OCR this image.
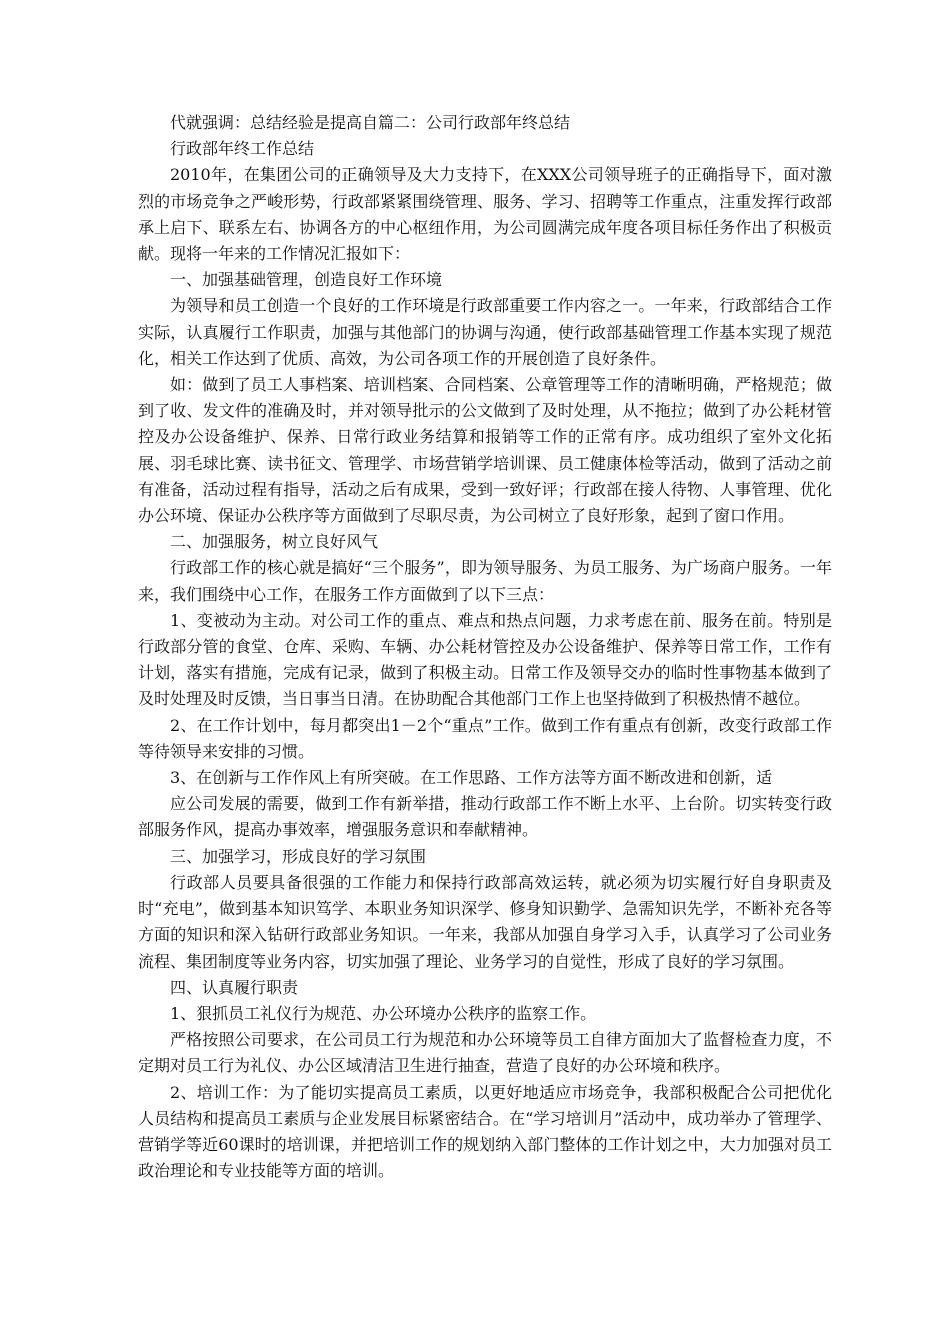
代就强调：总结经验是提高自篇二：公司行政部年终总结

行政部年终工作总结

2010年，在集团公司的正确领导及大力支持下，在XXX公司领导班子的正确指导下，面对激烈的市场竞争之严峻形势，行政部紧紧围绕管理、服务、学习、招聘等工作重点，注重发挥行政部承上启下、联系左右、协调各方的中心枢纽作用，为公司圆满完成年度各项目标任务作出了积极贡献。现将一年来的工作情况汇报如下：

一、加强基础管理，创造良好工作环境

为领导和员工创造一个良好的工作环境是行政部重要工作内容之一。一年来，行政部结合工作实际，认真履行工作职责，加强与其他部门的协调与沟通，使行政部基础管理工作基本实现了规范化，相关工作达到了优质、高效，为公司各项工作的开展创造了良好条件。

如：做到了员工人事档案、培训档案、合同档案、公章管理等工作的清晰明确，严格规范；做到了收、发文件的准确及时，并对领导批示的公文做到了及时处理，从不拖拉；做到了办公耗材管控及办公设备维护、保养、日常行政业务结算和报销等工作的正常有序。成功组织了室外文化拓展、羽毛球比赛、读书征文、管理学、市场营销学培训课、员工健康体检等活动，做到了活动之前有准备，活动过程有指导，活动之后有成果，受到一致好评；行政部在接人待物、人事管理、优化办公环境、保证办公秩序等方面做到了尽职尽责，为公司树立了良好形象，起到了窗口作用。

二、加强服务，树立良好风气

行政部工作的核心就是搞好“三个服务”，即为领导服务、为员工服务、为广场商户服务。一年来，我们围绕中心工作，在服务工作方面做到了以下三点：

1、变被动为主动。对公司工作的重点、难点和热点问题，力求考虑在前、服务在前。特别是行政部分管的食堂、仓库、采购、车辆、办公耗材管控及办公设备维护、保养等日常工作，工作有计划，落实有措施，完成有记录，做到了积极主动。日常工作及领导交办的临时性事物基本做到了及时处理及时反馈，当日事当日清。在协助配合其他部门工作上也坚持做到了积极热情不越位。

2、在工作计划中，每月都突出1－2个“重点”工作。做到工作有重点有创新，改变行政部工作等待领导来安排的习惯。

3、在创新与工作作风上有所突破。在工作思路、工作方法等方面不断改进和创新，适

应公司发展的需要，做到工作有新举措，推动行政部工作不断上水平、上台阶。切实转变行政部服务作风，提高办事效率，增强服务意识和奉献精神。

三、加强学习，形成良好的学习氛围

行政部人员要具备很强的工作能力和保持行政部高效运转，就必须为切实履行好自身职责及时“充电”，做到基本知识笃学、本职业务知识深学、修身知识勤学、急需知识先学，不断补充各等方面的知识和深入钻研行政部业务知识。一年来，我部从加强自身学习入手，认真学习了公司业务流程、集团制度等业务内容，切实加强了理论、业务学习的自觉性，形成了良好的学习氛围。

四、认真履行职责

1、狠抓员工礼仪行为规范、办公环境办公秩序的监察工作。

严格按照公司要求，在公司员工行为规范和办公环境等员工自律方面加大了监督检查力度，不定期对员工行为礼仪、办公区域清洁卫生进行抽查，营造了良好的办公环境和秩序。

2、培训工作：为了能切实提高员工素质，以更好地适应市场竞争，我部积极配合公司把优化人员结构和提高员工素质与企业发展目标紧密结合。在“学习培训月”活动中，成功举办了管理学、营销学等近60课时的培训课，并把培训工作的规划纳入部门整体的工作计划之中，大力加强对员工政治理论和专业技能等方面的培训。
